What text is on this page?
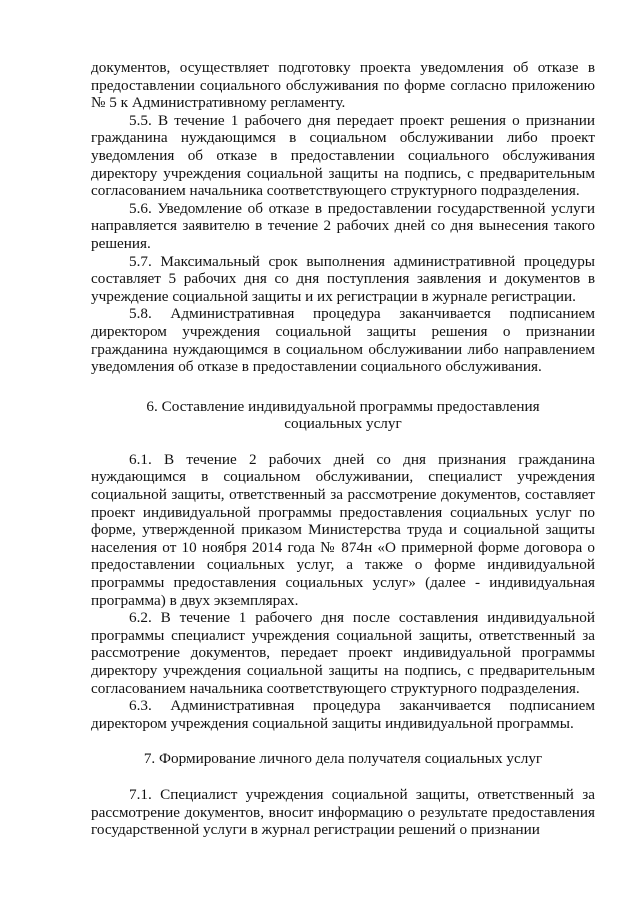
документов, осуществляет подготовку проекта уведомления об отказе в предоставлении социального обслуживания по форме согласно приложению № 5 к Административному регламенту.

5.5. В течение 1 рабочего дня передает проект решения о признании гражданина нуждающимся в социальном обслуживании либо проект уведомления об отказе в предоставлении социального обслуживания директору учреждения социальной защиты на подпись, с предварительным согласованием начальника соответствующего структурного подразделения.

5.6. Уведомление об отказе в предоставлении государственной услуги направляется заявителю в течение 2 рабочих дней со дня вынесения такого решения.

5.7. Максимальный срок выполнения административной процедуры составляет 5 рабочих дня со дня поступления заявления и документов в учреждение социальной защиты и их регистрации в журнале регистрации.

5.8. Административная процедура заканчивается подписанием директором учреждения социальной защиты решения о признании гражданина нуждающимся в социальном обслуживании либо направлением уведомления об отказе в предоставлении социального обслуживания.

6. Составление индивидуальной программы предоставления

социальных услуг

6.1. В течение 2 рабочих дней со дня признания гражданина нуждающимся в социальном обслуживании, специалист учреждения социальной защиты, ответственный за рассмотрение документов, составляет проект индивидуальной программы предоставления социальных услуг по форме, утвержденной приказом Министерства труда и социальной защиты населения от 10 ноября 2014 года № 874н «О примерной форме договора о предоставлении социальных услуг, а также о форме индивидуальной программы предоставления социальных услуг» (далее - индивидуальная программа) в двух экземплярах.

6.2. В течение 1 рабочего дня после составления индивидуальной программы специалист учреждения социальной защиты, ответственный за рассмотрение документов, передает проект индивидуальной программы директору учреждения социальной защиты на подпись, с предварительным согласованием начальника соответствующего структурного подразделения.

6.3. Административная процедура заканчивается подписанием директором учреждения социальной защиты индивидуальной программы.

7. Формирование личного дела получателя социальных услуг

7.1. Специалист учреждения социальной защиты, ответственный за рассмотрение документов, вносит информацию о результате предоставления государственной услуги в журнал регистрации решений о признании
